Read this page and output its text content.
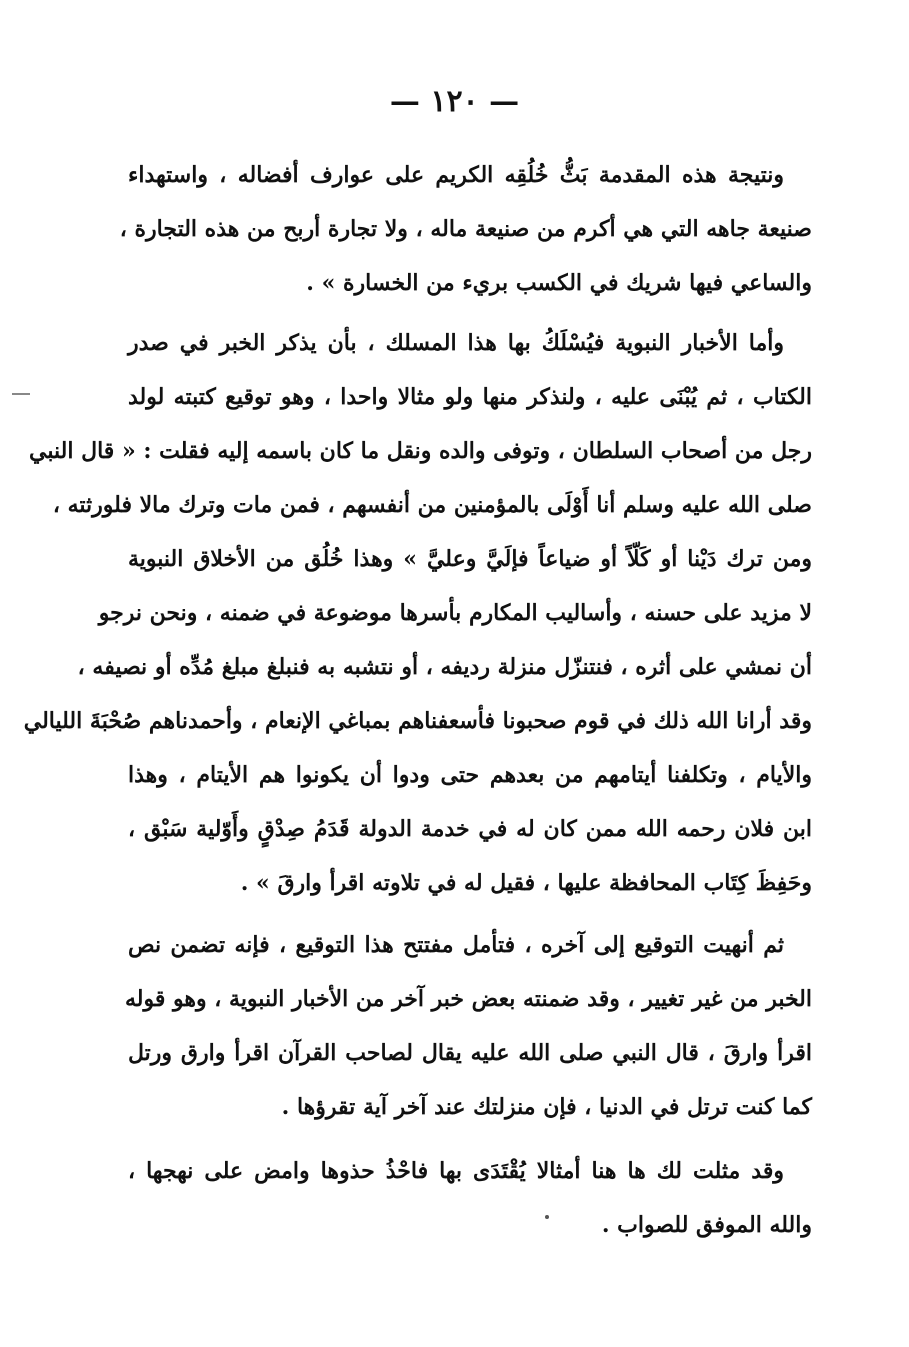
— ١٢٠ —
ونتيجة هذه المقدمة بَثُّ خُلُقِه الكريم على عوارف أفضاله ، واستهداء
صنيعة جاهه التي هي أكرم من صنيعة ماله ، ولا تجارة أربح من هذه التجارة ،
والساعي فيها شريك في الكسب بريء من الخسارة » .
وأما الأخبار النبوية فيُسْلَكُ بها هذا المسلك ، بأن يذكر الخبر في صدر
الكتاب ، ثم يُبْنَى عليه ، ولنذكر منها ولو مثالا واحدا ، وهو توقيع كتبته لولد
رجل من أصحاب السلطان ، وتوفى والده ونقل ما كان باسمه إليه فقلت : « قال النبي
صلى الله عليه وسلم أنا أَوْلَى بالمؤمنين من أنفسهم ، فمن مات وترك مالا فلورثته ،
ومن ترك دَيْنا أو كَلّاً أو ضياعاً فإلَيَّ وعليَّ » وهذا خُلُق من الأخلاق النبوية
لا مزيد على حسنه ، وأساليب المكارم بأسرها موضوعة في ضمنه ، ونحن نرجو
أن نمشي على أثره ، فنتنزّل منزلة رديفه ، أو نتشبه به فنبلغ مبلغ مُدِّه أو نصيفه ،
وقد أرانا الله ذلك في قوم صحبونا فأسعفناهم بمباغي الإنعام ، وأحمدناهم صُحْبَةَ الليالي
والأيام ، وتكلفنا أيتامهم من بعدهم حتى ودوا أن يكونوا هم الأيتام ، وهذا
ابن فلان رحمه الله ممن كان له في خدمة الدولة قَدَمُ صِدْقٍ وأَوّلية سَبْق ،
وحَفِظَ كِتَاب المحافظة عليها ، فقيل له في تلاوته اقرأ وارقَ » .
ثم أنهيت التوقيع إلى آخره ، فتأمل مفتتح هذا التوقيع ، فإنه تضمن نص
الخبر من غير تغيير ، وقد ضمنته بعض خبر آخر من الأخبار النبوية ، وهو قوله
اقرأ وارقَ ، قال النبي صلى الله عليه يقال لصاحب القرآن اقرأ وارق ورتل
كما كنت ترتل في الدنيا ، فإن منزلتك عند آخر آية تقرؤها .
وقد مثلت لك ها هنا أمثالا يُقْتَدَى بها فاحْذُ حذوها وامض على نهجها ،
والله الموفق للصواب .
